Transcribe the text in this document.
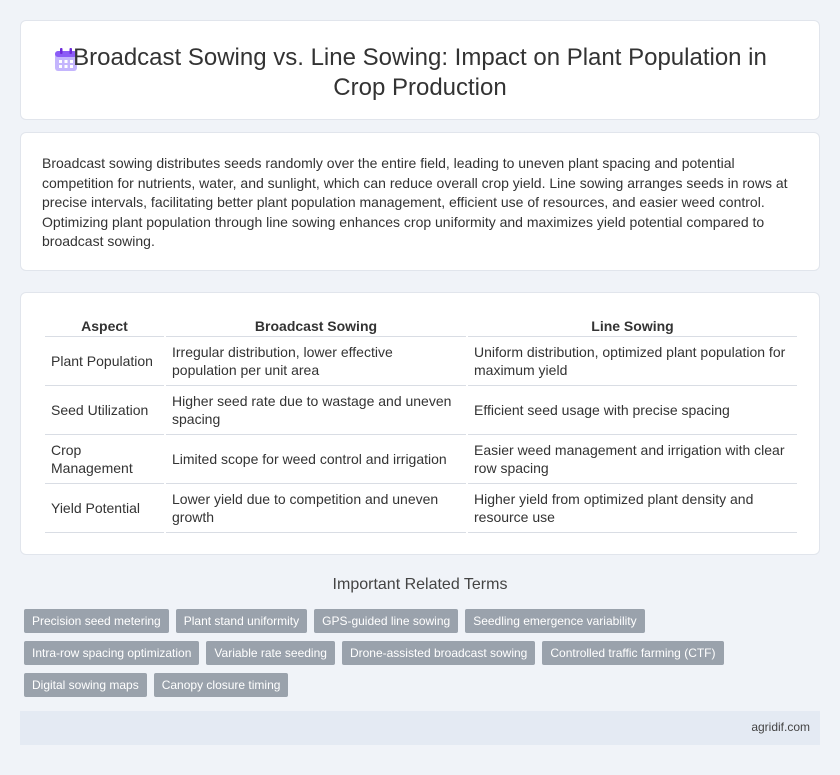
Broadcast Sowing vs. Line Sowing: Impact on Plant Population in
Crop Production

Broadcast sowing distributes seeds randomly over the entire field, leading to uneven plant spacing and potential competition for nutrients, water, and sunlight, which can reduce overall crop yield. Line sowing arranges seeds in rows at precise intervals, facilitating better plant population management, efficient use of resources, and easier weed control. Optimizing plant population through line sowing enhances crop uniformity and maximizes yield potential compared to broadcast sowing.

Aspect	Broadcast Sowing	Line Sowing
Plant Population	Irregular distribution, lower effective population per unit area	Uniform distribution, optimized plant population for maximum yield
Seed Utilization	Higher seed rate due to wastage and uneven spacing	Efficient seed usage with precise spacing
Crop Management	Limited scope for weed control and irrigation	Easier weed management and irrigation with clear row spacing
Yield Potential	Lower yield due to competition and uneven growth	Higher yield from optimized plant density and resource use
Important Related Terms
Precision seed metering	Plant stand uniformity	GPS-guided line sowing	Seedling emergence variability
Intra-row spacing optimization	Variable rate seeding	Drone-assisted broadcast sowing	Controlled traffic farming (CTF)
Digital sowing maps	Canopy closure timing
agridif.com
